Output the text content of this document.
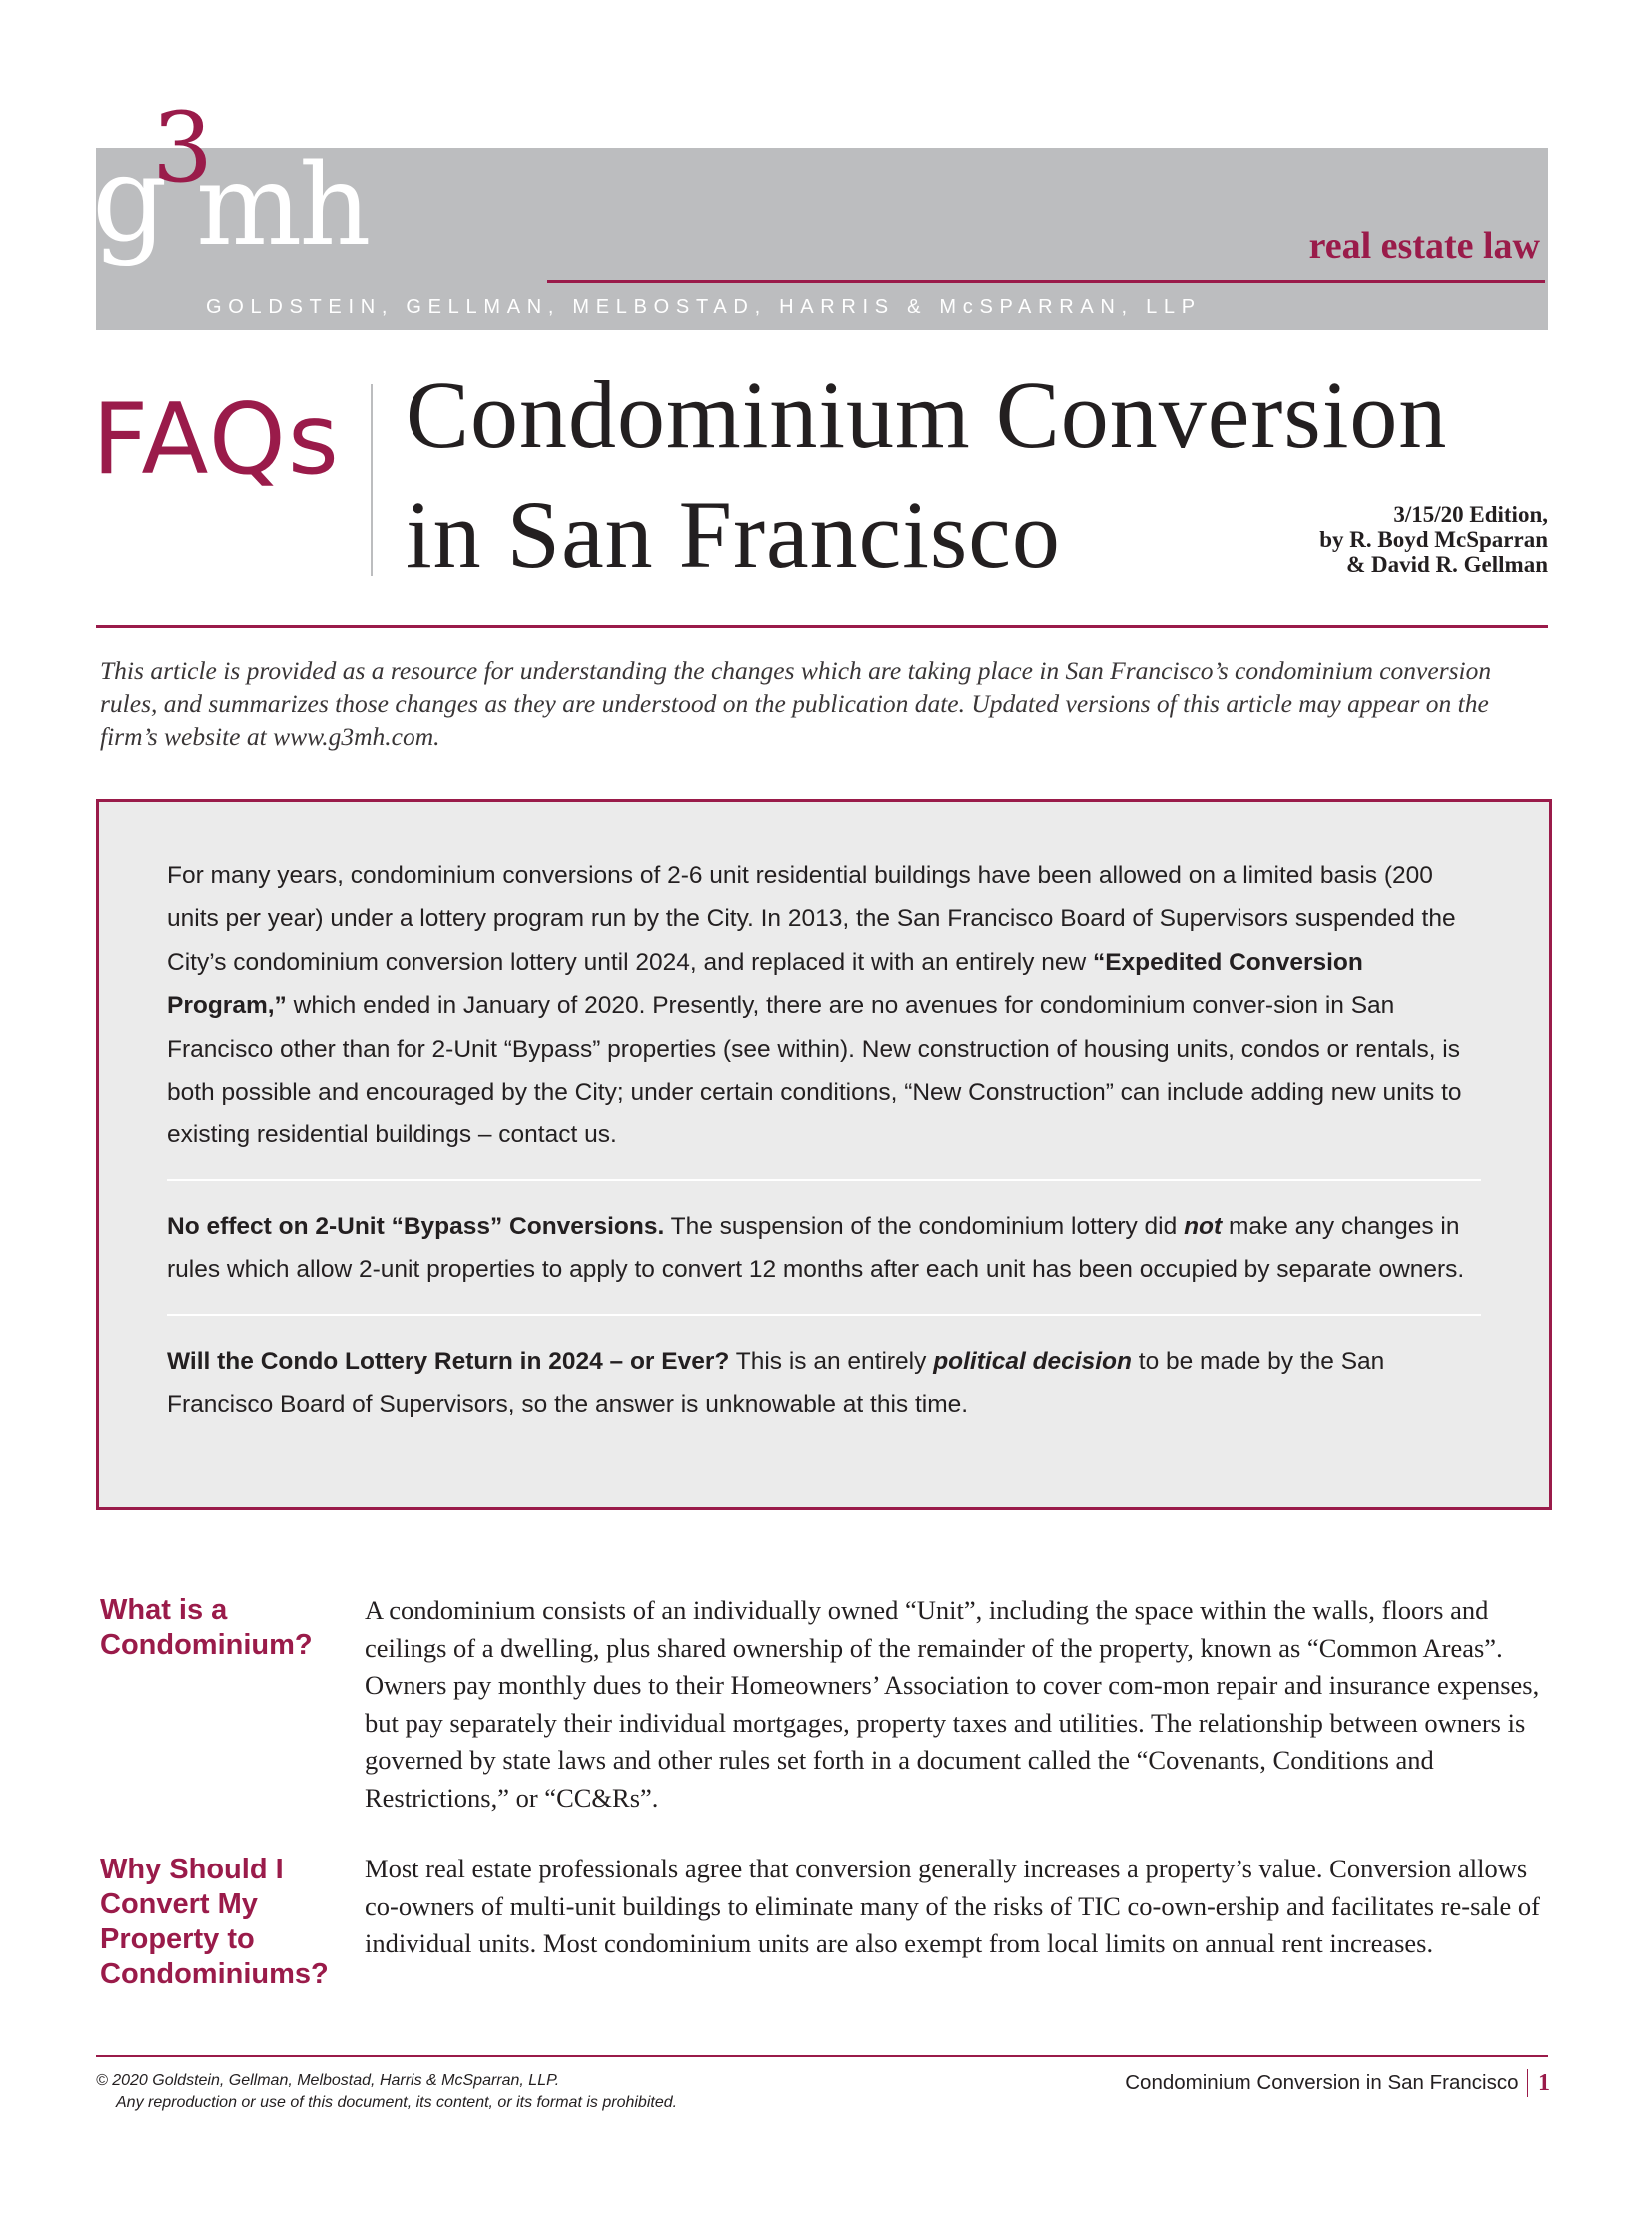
g
3
mh	real estate law
GOLDSTEIN, GELLMAN, MELBOSTAD, HARRIS & McSPARRAN, LLP
FAQs Condominium Conversion
in San Francisco	3/15/20 Edition,
by R. Boyd McSparran
& David R. Gellman
This article is provided as a resource for understanding the changes which are taking place in San Francisco’s condominium conversion rules, and summarizes those changes as they are understood on the publication date. Updated versions of this article may appear on the firm’s website at www.g3mh.com.

For many years, condominium conversions of 2-6 unit residential buildings have been allowed on a limited basis (200 units per year) under a lottery program run by the City. In 2013, the San Francisco Board of Supervisors suspended the City’s condominium conversion lottery until 2024, and replaced it with an entirely new “Expedited Conversion Program,” which ended in January of 2020. Presently, there are no avenues for condominium conver-sion in San Francisco other than for 2-Unit “Bypass” properties (see within). New construction of housing units, condos or rentals, is both possible and encouraged by the City; under certain conditions, “New Construction” can include adding new units to existing residential buildings – contact us.

No effect on 2-Unit “Bypass” Conversions. The suspension of the condominium lottery did not make any changes in rules which allow 2-unit properties to apply to convert 12 months after each unit has been occupied by separate owners.

Will the Condo Lottery Return in 2024 – or Ever? This is an entirely political decision to be made by the San Francisco Board of Supervisors, so the answer is unknowable at this time.

What is a Condominium?
A condominium consists of an individually owned “Unit”, including the space within the walls, floors and ceilings of a dwelling, plus shared ownership of the remainder of the property, known as “Common Areas”. Owners pay monthly dues to their Homeowners’ Association to cover com-mon repair and insurance expenses, but pay separately their individual mortgages, property taxes and utilities. The relationship between owners is governed by state laws and other rules set forth in a document called the “Covenants, Conditions and Restrictions,” or “CC&Rs”.
Why Should I Convert My Property to Condominiums?
Most real estate professionals agree that conversion generally increases a property’s value. Conversion allows co-owners of multi-unit buildings to eliminate many of the risks of TIC co-own-ership and facilitates re-sale of individual units. Most condominium units are also exempt from local limits on annual rent increases.
© 2020 Goldstein, Gellman, Melbostad, Harris & McSparran, LLP.
Any reproduction or use of this document, its content, or its format is prohibited.
Condominium Conversion in San Francisco 1
